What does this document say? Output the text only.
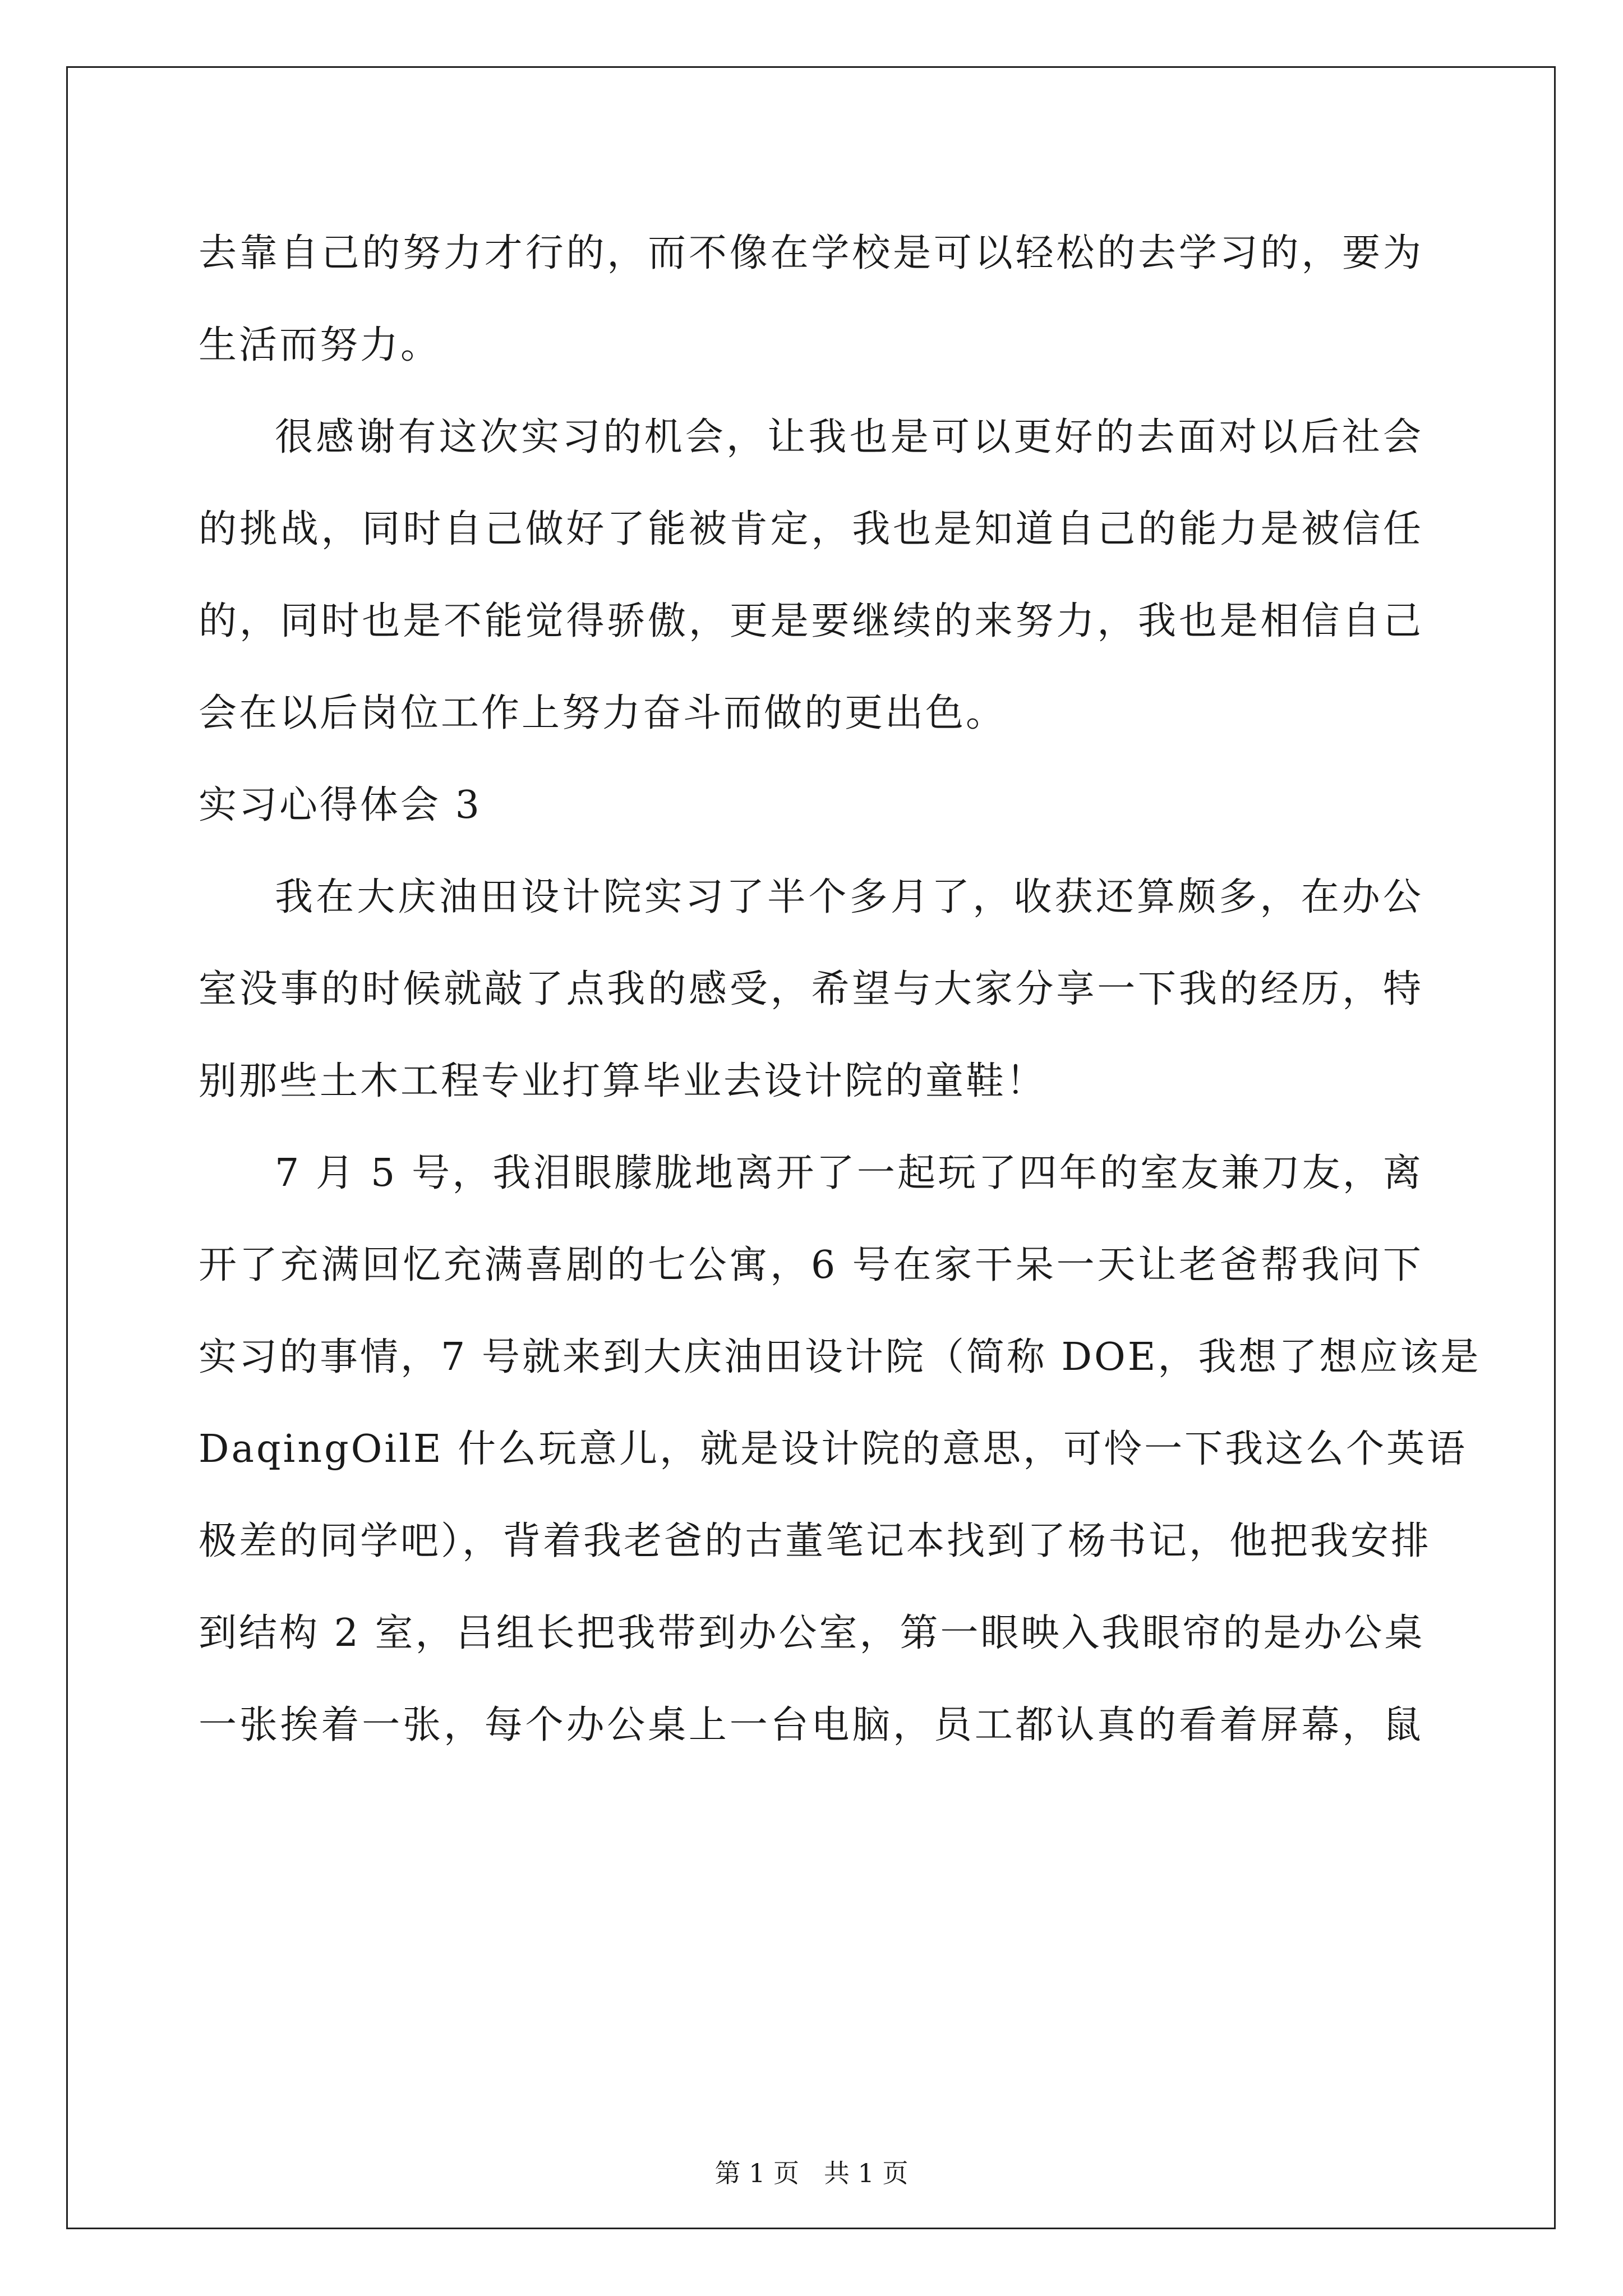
去靠自己的努力才行的，而不像在学校是可以轻松的去学习的，要为
生活而努力。
很感谢有这次实习的机会，让我也是可以更好的去面对以后社会
的挑战，同时自己做好了能被肯定，我也是知道自己的能力是被信任
的，同时也是不能觉得骄傲，更是要继续的来努力，我也是相信自己
会在以后岗位工作上努力奋斗而做的更出色。
实习心得体会 3
我在大庆油田设计院实习了半个多月了，收获还算颇多，在办公
室没事的时候就敲了点我的感受，希望与大家分享一下我的经历，特
别那些土木工程专业打算毕业去设计院的童鞋！
7 月 5 号，我泪眼朦胧地离开了一起玩了四年的室友兼刀友，离
开了充满回忆充满喜剧的七公寓，6 号在家干呆一天让老爸帮我问下
实习的事情，7 号就来到大庆油田设计院（简称 DOE，我想了想应该是
DaqingOilE 什么玩意儿，就是设计院的意思，可怜一下我这么个英语
极差的同学吧），背着我老爸的古董笔记本找到了杨书记，他把我安排
到结构 2 室，吕组长把我带到办公室，第一眼映入我眼帘的是办公桌
一张挨着一张，每个办公桌上一台电脑，员工都认真的看着屏幕，鼠
第 1 页 共 1 页
